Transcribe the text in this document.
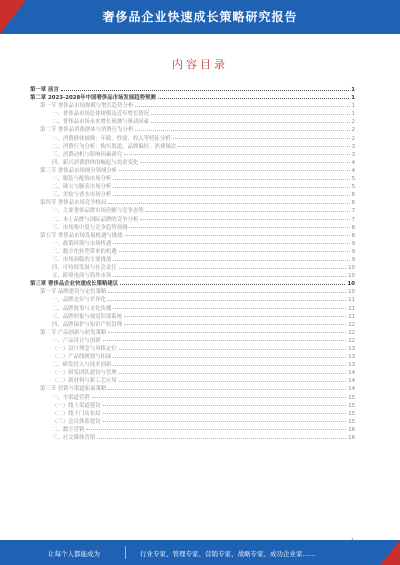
奢侈品企业快速成长策略研究报告
内容目录
第一章 前言	1
第二章 2023-2028年中国奢侈品市场发展趋势预测	1
第一节 奢侈品市场规模与增长趋势分析	1
一、奢侈品市场总体规模及近年增长情况	1
二、奢侈品市场未来增长预测与驱动因素	2
第二节 奢侈品消费群体与消费行为分析	2
一、消费群体画像：年龄、性别、收入等特征分析	2
二、消费行为分析：购买渠道、品牌偏好、消费频次	3
三、消费动机与影响因素研究	3
四、新兴消费群体的崛起与需求变化	4
第三节 奢侈品市场细分领域分析	4
一、服装与配饰市场分析	5
二、珠宝与腕表市场分析	5
三、美妆与香水市场分析	6
第四节 奢侈品市场竞争格局	6
一、主要奢侈品牌市场份额与竞争态势	7
二、本土品牌与国际品牌的竞争分析	7
三、市场集中度与竞争趋势预测	8
第五节 奢侈品市场发展机遇与挑战	8
一、政策环境与市场机遇	9
二、数字化转型带来的机遇	9
三、市场面临的主要挑战	9
四、可持续发展与社会责任	10
五、跨境电商与海外市场	10
第三章 奢侈品企业快速成长策略建议	10
第一节 品牌建设与定位策略	10
一、品牌定位与差异化	11
二、品牌故事与文化传播	11
三、品牌形象与视觉识别系统	11
四、品牌保护与知识产权管理	12
第二节 产品创新与研发策略	12
一、产品设计与创新	12
（一）设计理念与风格定位	13
（二）产品线规划与拓展	13
二、研发投入与技术创新	13
（一）研发团队建设与管理	14
（二）新材料与新工艺应用	14
第三节 营销与渠道拓展策略	14
一、全渠道营销	15
（一）线上渠道建设	15
（二）线下门店布局	15
（三）会员体系建设	15
二、数字营销	16
三、社交媒体营销	16
让每个人都能成为	行业专家、管理专家、营销专家、战略专家、成功企业家……
